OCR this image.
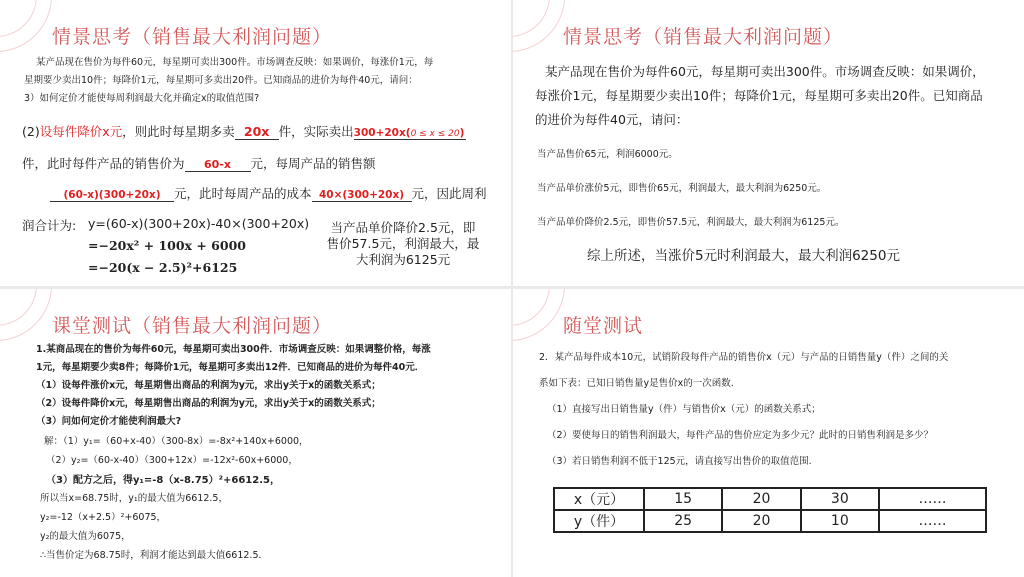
情景思考（销售最大利润问题）
某产品现在售价为每件60元，每星期可卖出300件。市场调查反映：如果调价，每涨价1元，每
星期要少卖出10件；每降价1元，每星期可多卖出20件。已知商品的进价为每件40元，请问：
3）如何定价才能使每周利润最大化并确定x的取值范围?
(2)设每件降价x元，则此时每星期多卖 20x 件，实际卖出300+20x(0 ≤ x ≤ 20)
件，此时每件产品的销售价为 60-x 元，每周产品的销售额
(60-x)(300+20x) 元，此时每周产品的成本 40×(300+20x) 元，因此周利
润合计为: y=(60-x)(300+20x)-40×(300+20x)
=−20x² + 100x + 6000
=−20(x − 2.5)²+6125
当产品单价降价2.5元，即
售价57.5元，利润最大，最
大利润为6125元
情景思考（销售最大利润问题）
某产品现在售价为每件60元，每星期可卖出300件。市场调查反映：如果调价，
每涨价1元，每星期要少卖出10件；每降价1元，每星期可多卖出20件。已知商品
的进价为每件40元，请问：
当产品售价65元，利润6000元。
当产品单价涨价5元，即售价65元，利润最大，最大利润为6250元。
当产品单价降价2.5元，即售价57.5元，利润最大，最大利润为6125元。
综上所述，当涨价5元时利润最大，最大利润6250元
课堂测试（销售最大利润问题）
1.某商品现在的售价为每件60元，每星期可卖出300件．市场调查反映：如果调整价格，每涨
1元，每星期要少卖8件；每降价1元，每星期可多卖出12件．已知商品的进价为每件40元．
（1）设每件涨价x元，每星期售出商品的利润为y元，求出y关于x的函数关系式；
（2）设每件降价x元，每星期售出商品的利润为y元，求出y关于x的函数关系式；
（3）问如何定价才能使利润最大?
解：（1）y₁=（60+x-40）（300-8x）=-8x²+140x+6000，
（2）y₂=（60-x-40）（300+12x）=-12x²-60x+6000，
（3）配方之后，得y₁=-8（x-8.75）²+6612.5，
所以当x=68.75时，y₁的最大值为6612.5，
y₂=-12（x+2.5）²+6075，
y₂的最大值为6075，
∴当售价定为68.75时，利润才能达到最大值6612.5．
随堂测试
2．某产品每件成本10元，试销阶段每件产品的销售价x（元）与产品的日销售量y（件）之间的关
系如下表：已知日销售量y是售价x的一次函数.
（1）直接写出日销售量y（件）与销售价x（元）的函数关系式；
（2）要使每日的销售利润最大，每件产品的售价应定为多少元？此时的日销售利润是多少？
（3）若日销售利润不低于125元，请直接写出售价的取值范围.
x（元）	15	20	30	……
y（件）	25	20	10	……
